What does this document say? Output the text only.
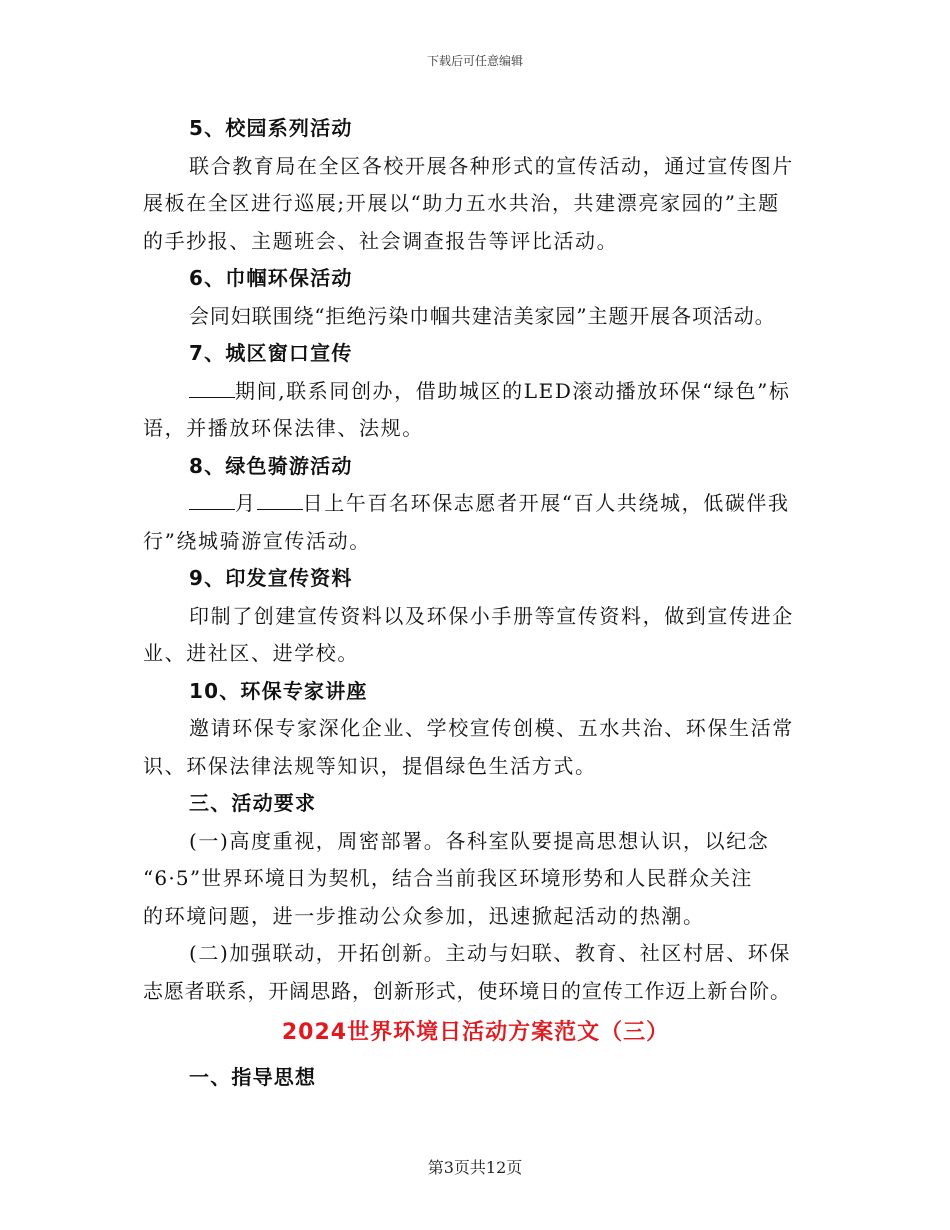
下载后可任意编辑
5、校园系列活动
联合教育局在全区各校开展各种形式的宣传活动，通过宣传图片
展板在全区进行巡展;开展以“助力五水共治，共建漂亮家园的”主题
的手抄报、主题班会、社会调查报告等评比活动。
6、巾帼环保活动
会同妇联围绕“拒绝污染巾帼共建洁美家园”主题开展各项活动。
7、城区窗口宣传
期间,联系同创办，借助城区的LED滚动播放环保“绿色”标
语，并播放环保法律、法规。
8、绿色骑游活动
月 日上午百名环保志愿者开展“百人共绕城，低碳伴我
行”绕城骑游宣传活动。
9、印发宣传资料
印制了创建宣传资料以及环保小手册等宣传资料，做到宣传进企
业、进社区、进学校。
10、环保专家讲座
邀请环保专家深化企业、学校宣传创模、五水共治、环保生活常
识、环保法律法规等知识，提倡绿色生活方式。
三、活动要求
(一)高度重视，周密部署。各科室队要提高思想认识，以纪念
“6·5”世界环境日为契机，结合当前我区环境形势和人民群众关注
的环境问题，进一步推动公众参加，迅速掀起活动的热潮。
(二)加强联动，开拓创新。主动与妇联、教育、社区村居、环保
志愿者联系，开阔思路，创新形式，使环境日的宣传工作迈上新台阶。
2024世界环境日活动方案范文（三）
一、指导思想
第3页共12页
